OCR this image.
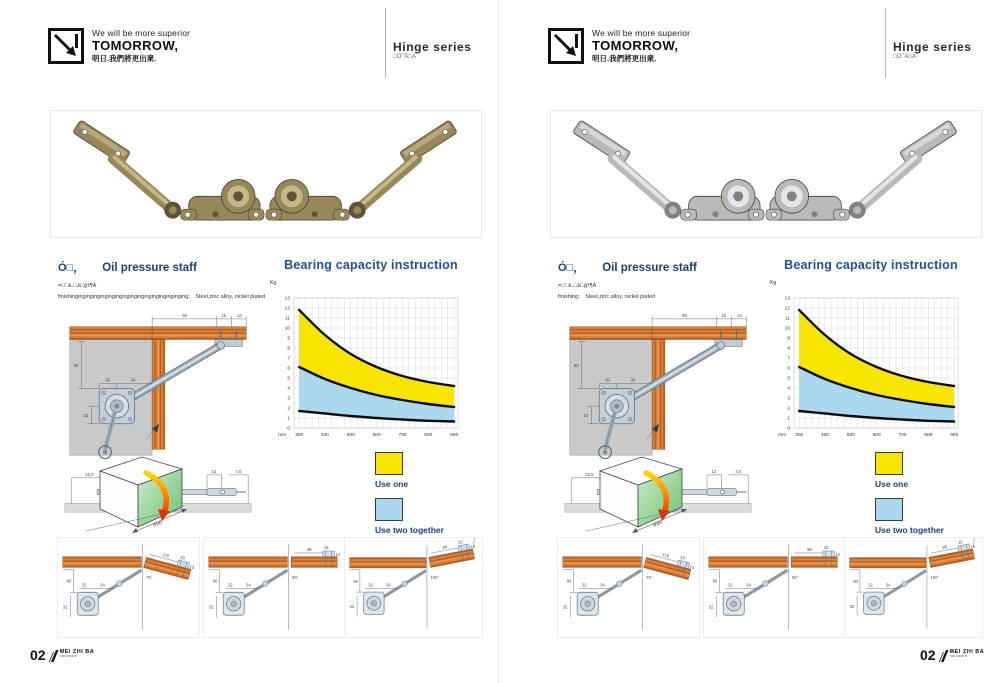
We will be more superior
TOMORROW,
明日.我們將更出衆.
Hinge series
□O′˝A□A
Ó□， Oil pressure staff
=□′□k.□,k□ģ′t¶Ā
finishinginginginginginginginginginginginginginginging： Steel,zinc alloy, nickel plated
Bearing capacity instruction
0
1
2
3
4
5
6
7
8
9
10
11
12
13
300	400	500	600	700	800	900
mm
Kg
96	15 14
80
30	34
32
22.5
12	4.5
mm
Use one
Use two together
116 18
13
75°
80
32	34
32
96	15
14
90°
80
32	34
32
88
15
14
100°
80
32	34
32
02	MEI ZHI BA
hardware
We will be more superior
TOMORROW,
明日.我們將更出衆.
Hinge series
□O′˝A□A
Ó□， Oil pressure staff
=□′□k.□,k□ģ′t¶Ā
finishing： Steel,zinc alloy, nickel plated
Bearing capacity instruction
0
1
2
3
4
5
6
7
8
9
10
11
12
13
300	400	500	600	700	800	900
mm
Kg
96	15 14
80
30	34
32
22.5
12	4.5
mm
Use one
Use two together
116 18
13
75°
80
32	34
32
96	15
14
90°
80
32	34
32
88
15
14
100°
80
32	34
32
02	MEI ZHI BA
hardware
